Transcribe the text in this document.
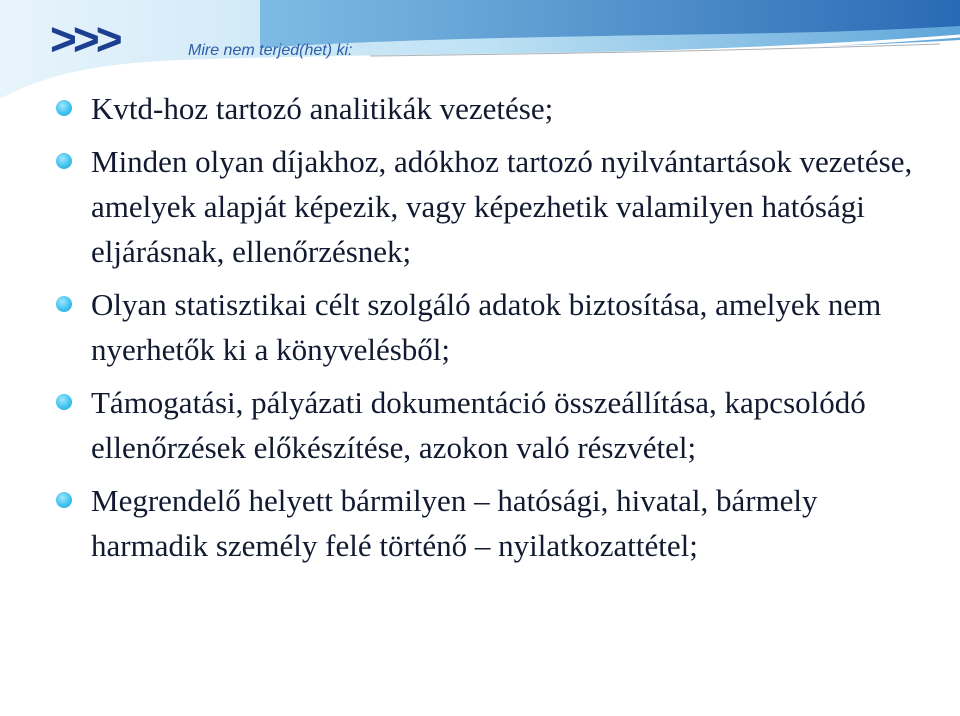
>>>	Mire nem terjed(het) ki:
Kvtd-hoz tartozó analitikák vezetése;
Minden olyan díjakhoz, adókhoz tartozó nyilvántartások vezetése, amelyek alapját képezik, vagy képezhetik valamilyen hatósági eljárásnak, ellenőrzésnek;
Olyan statisztikai célt szolgáló adatok biztosítása, amelyek nem nyerhetők ki a könyvelésből;
Támogatási, pályázati dokumentáció összeállítása, kapcsolódó ellenőrzések előkészítése, azokon való részvétel;
Megrendelő helyett bármilyen – hatósági, hivatal, bármely harmadik személy felé történő – nyilatkozattétel;
